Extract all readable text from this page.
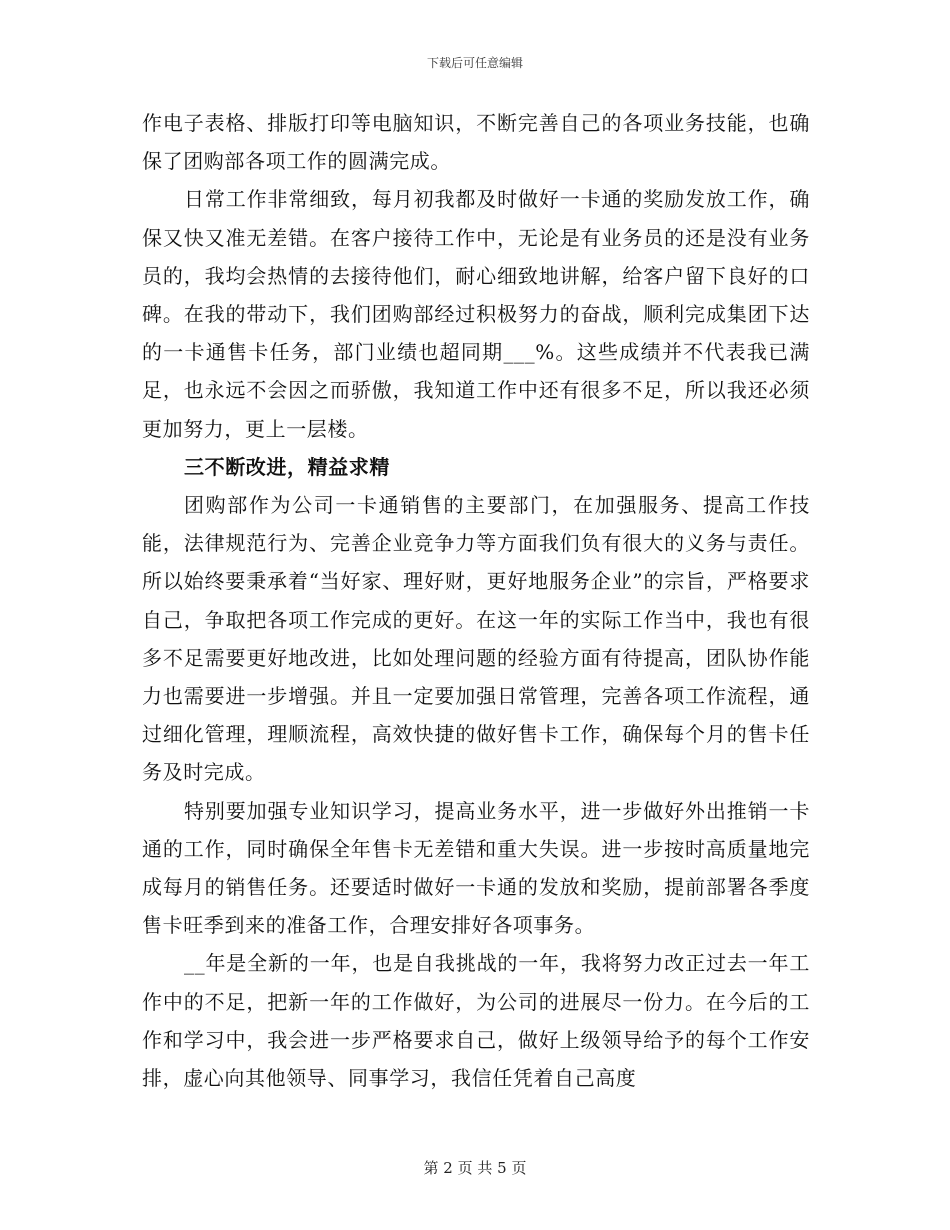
下载后可任意编辑

作电子表格、排版打印等电脑知识，不断完善自己的各项业务技能，也确保了团购部各项工作的圆满完成。

日常工作非常细致，每月初我都及时做好一卡通的奖励发放工作，确保又快又准无差错。在客户接待工作中，无论是有业务员的还是没有业务员的，我均会热情的去接待他们，耐心细致地讲解，给客户留下良好的口碑。在我的带动下，我们团购部经过积极努力的奋战，顺利完成集团下达的一卡通售卡任务，部门业绩也超同期___%。这些成绩并不代表我已满足，也永远不会因之而骄傲，我知道工作中还有很多不足，所以我还必须更加努力，更上一层楼。

三不断改进，精益求精

团购部作为公司一卡通销售的主要部门，在加强服务、提高工作技能，法律规范行为、完善企业竞争力等方面我们负有很大的义务与责任。所以始终要秉承着“当好家、理好财，更好地服务企业”的宗旨，严格要求自己，争取把各项工作完成的更好。在这一年的实际工作当中，我也有很多不足需要更好地改进，比如处理问题的经验方面有待提高，团队协作能力也需要进一步增强。并且一定要加强日常管理，完善各项工作流程，通过细化管理，理顺流程，高效快捷的做好售卡工作，确保每个月的售卡任务及时完成。

特别要加强专业知识学习，提高业务水平，进一步做好外出推销一卡通的工作，同时确保全年售卡无差错和重大失误。进一步按时高质量地完成每月的销售任务。还要适时做好一卡通的发放和奖励，提前部署各季度售卡旺季到来的准备工作，合理安排好各项事务。

__年是全新的一年，也是自我挑战的一年，我将努力改正过去一年工作中的不足，把新一年的工作做好，为公司的进展尽一份力。在今后的工作和学习中，我会进一步严格要求自己，做好上级领导给予的每个工作安排，虚心向其他领导、同事学习，我信任凭着自己高度

第 2 页 共 5 页
